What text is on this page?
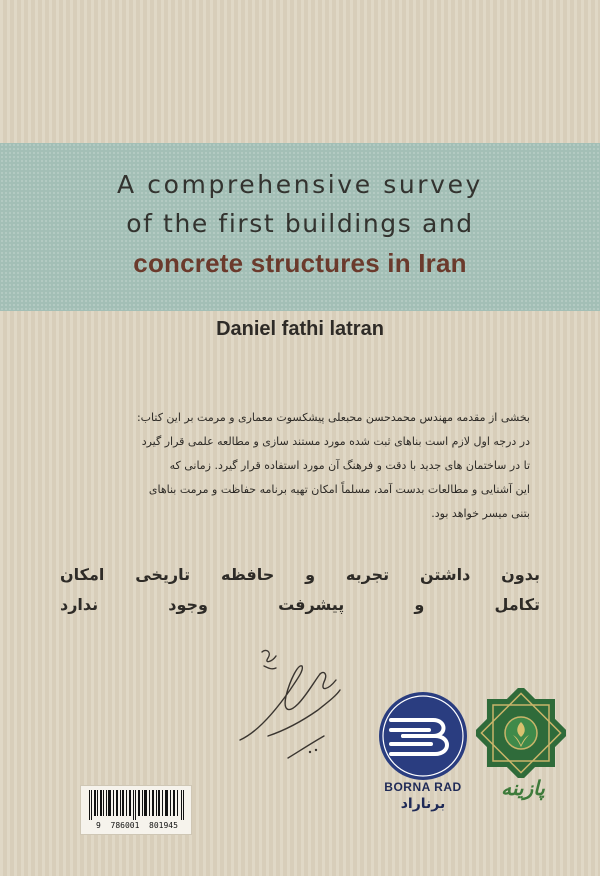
A comprehensive survey
of the first buildings and
concrete structures in Iran
Daniel fathi latran
بخشی از مقدمه مهندس محمدحسن محبعلی پیشکسوت معماری و مرمت بر این کتاب:
در درجه اول لازم است بناهای ثبت شده مورد مستند سازی و مطالعه علمی قرار گیرد
تا در ساختمان های جدید با دقت و فرهنگ آن مورد استفاده قرار گیرد. زمانی که
این آشنایی و مطالعات بدست آمد، مسلماً امکان تهیه برنامه حفاظت و مرمت بناهای
بتنی میسر خواهد بود.
بدون داشتن تجربه و حافظه تاریخی امکان
تکامل و پیشرفت وجود ندارد
BORNA RAD
برناراد
پازینه
9  786001  801945
